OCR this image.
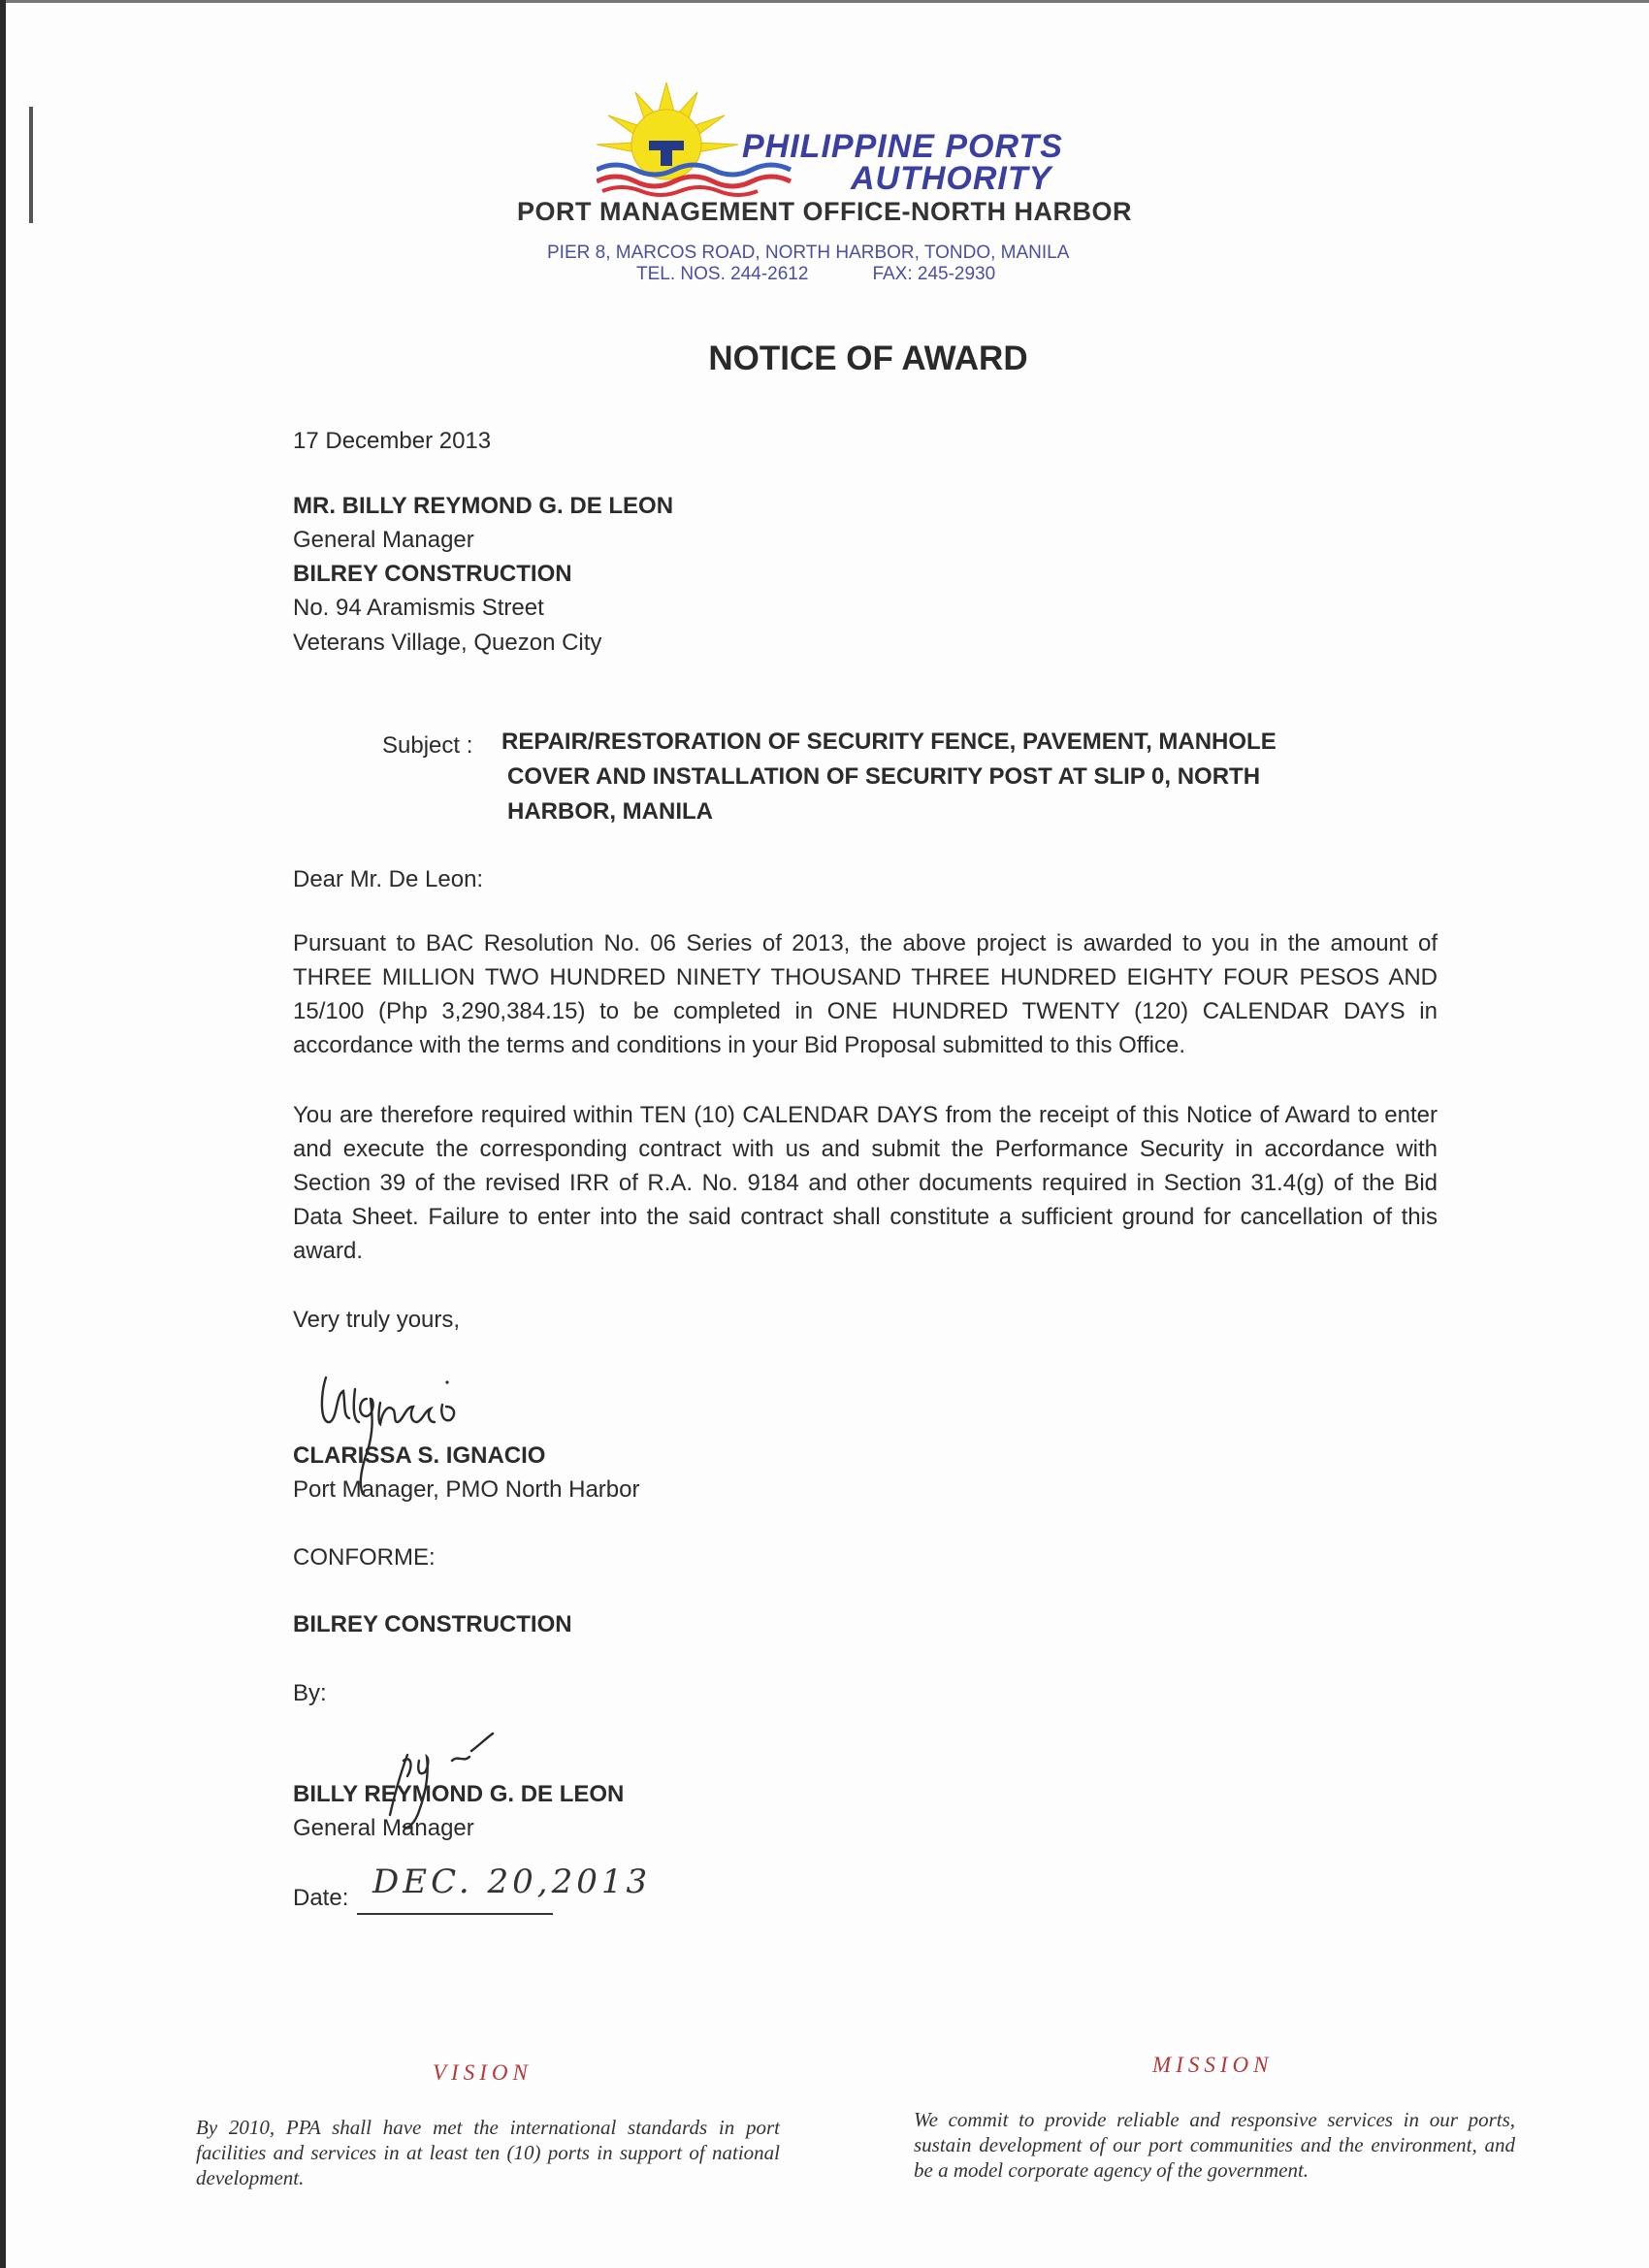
PHILIPPINE PORTS
AUTHORITY
PORT MANAGEMENT OFFICE-NORTH HARBOR
PIER 8, MARCOS ROAD, NORTH HARBOR, TONDO, MANILA
TEL. NOS. 244-2612	FAX: 245-2930
NOTICE OF AWARD
17 December 2013
MR. BILLY REYMOND G. DE LEON
General Manager
BILREY CONSTRUCTION
No. 94 Aramismis Street
Veterans Village, Quezon City
Subject : REPAIR/RESTORATION OF SECURITY FENCE, PAVEMENT, MANHOLE
COVER AND INSTALLATION OF SECURITY POST AT SLIP 0, NORTH
HARBOR, MANILA
Dear Mr. De Leon:
Pursuant to BAC Resolution No. 06 Series of 2013, the above project is awarded to you in the amount of THREE MILLION TWO HUNDRED NINETY THOUSAND THREE HUNDRED EIGHTY FOUR PESOS AND 15/100 (Php 3,290,384.15) to be completed in ONE HUNDRED TWENTY (120) CALENDAR DAYS in accordance with the terms and conditions in your Bid Proposal submitted to this Office.
You are therefore required within TEN (10) CALENDAR DAYS from the receipt of this Notice of Award to enter and execute the corresponding contract with us and submit the Performance Security in accordance with Section 39 of the revised IRR of R.A. No. 9184 and other documents required in Section 31.4(g) of the Bid Data Sheet. Failure to enter into the said contract shall constitute a sufficient ground for cancellation of this award.
Very truly yours,
CLARISSA S. IGNACIO
Port Manager, PMO North Harbor
CONFORME:
BILREY CONSTRUCTION
By:
BILLY REYMOND G. DE LEON
General Manager
Date: DEC. 20,2013
VISION
By 2010, PPA shall have met the international standards in port facilities and services in at least ten (10) ports in support of national development.
MISSION
We commit to provide reliable and responsive services in our ports, sustain development of our port communities and the environment, and be a model corporate agency of the government.
